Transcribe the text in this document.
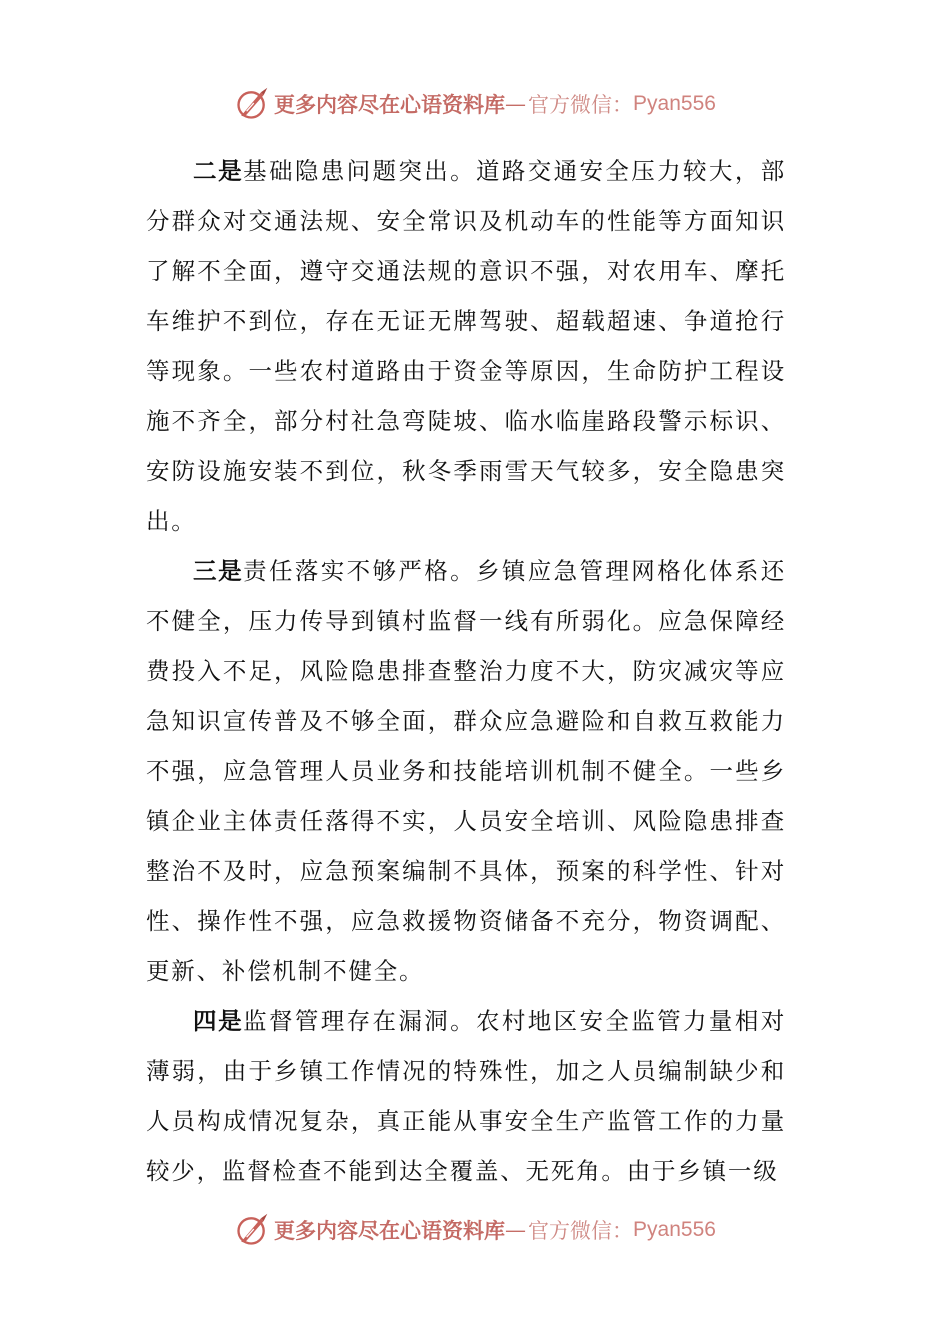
更多内容尽在心语资料库 — 官方微信： Pyan556

二是基础隐患问题突出。道路交通安全压力较大，部分群众对交通法规、安全常识及机动车的性能等方面知识了解不全面，遵守交通法规的意识不强，对农用车、摩托车维护不到位，存在无证无牌驾驶、超载超速、争道抢行等现象。一些农村道路由于资金等原因，生命防护工程设施不齐全，部分村社急弯陡坡、临水临崖路段警示标识、安防设施安装不到位，秋冬季雨雪天气较多，安全隐患突出。

三是责任落实不够严格。乡镇应急管理网格化体系还不健全，压力传导到镇村监督一线有所弱化。应急保障经费投入不足，风险隐患排查整治力度不大，防灾减灾等应急知识宣传普及不够全面，群众应急避险和自救互救能力不强，应急管理人员业务和技能培训机制不健全。一些乡镇企业主体责任落得不实，人员安全培训、风险隐患排查整治不及时，应急预案编制不具体，预案的科学性、针对性、操作性不强，应急救援物资储备不充分，物资调配、更新、补偿机制不健全。

四是监督管理存在漏洞。农村地区安全监管力量相对薄弱，由于乡镇工作情况的特殊性，加之人员编制缺少和人员构成情况复杂，真正能从事安全生产监管工作的力量较少，监督检查不能到达全覆盖、无死角。由于乡镇一级

更多内容尽在心语资料库 — 官方微信： Pyan556
